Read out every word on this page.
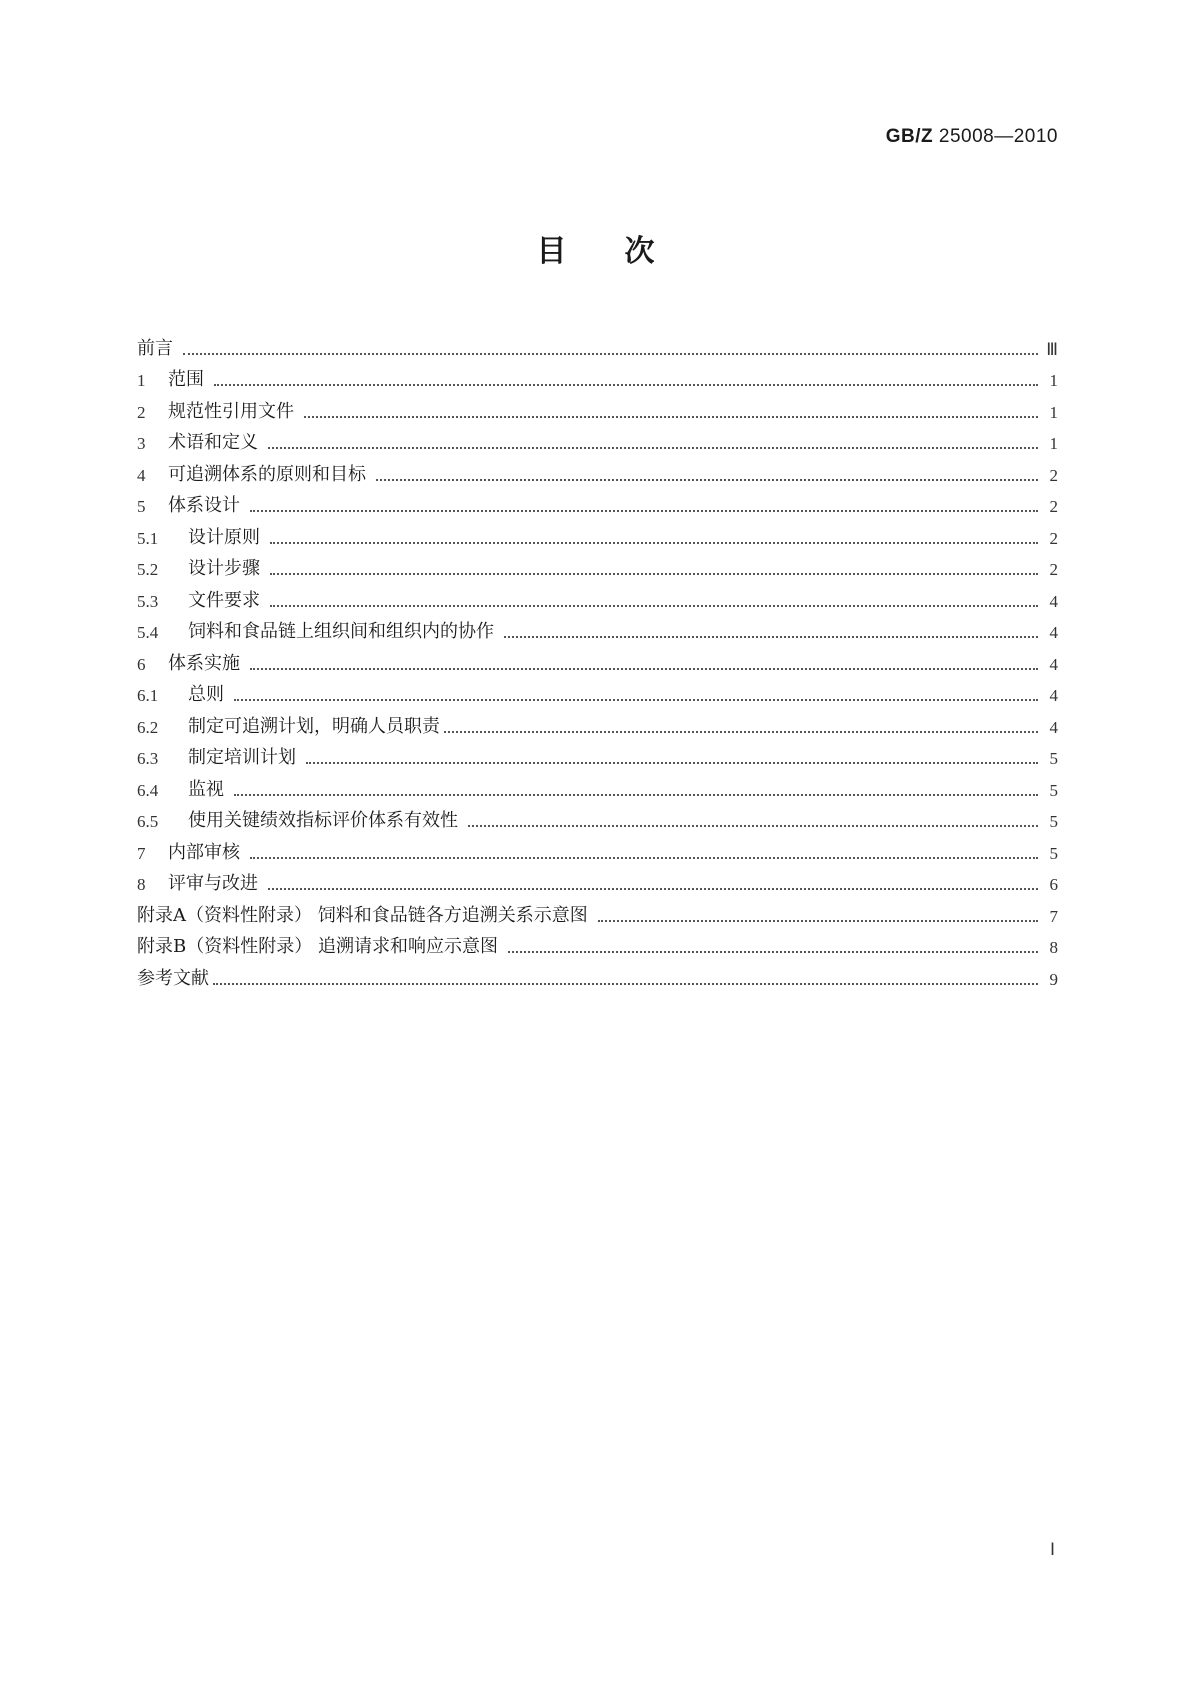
GB/Z 25008—2010
目次
前言	Ⅲ
1	范围	1
2	规范性引用文件	1
3	术语和定义	1
4	可追溯体系的原则和目标	2
5	体系设计	2
5.1	设计原则	2
5.2	设计步骤	2
5.3	文件要求	4
5.4	饲料和食品链上组织间和组织内的协作	4
6	体系实施	4
6.1	总则	4
6.2	制定可追溯计划，明确人员职责	4
6.3	制定培训计划	5
6.4	监视	5
6.5	使用关键绩效指标评价体系有效性	5
7	内部审核	5
8	评审与改进	6
附录A（资料性附录） 饲料和食品链各方追溯关系示意图	7
附录B（资料性附录） 追溯请求和响应示意图	8
参考文献	9
Ⅰ
